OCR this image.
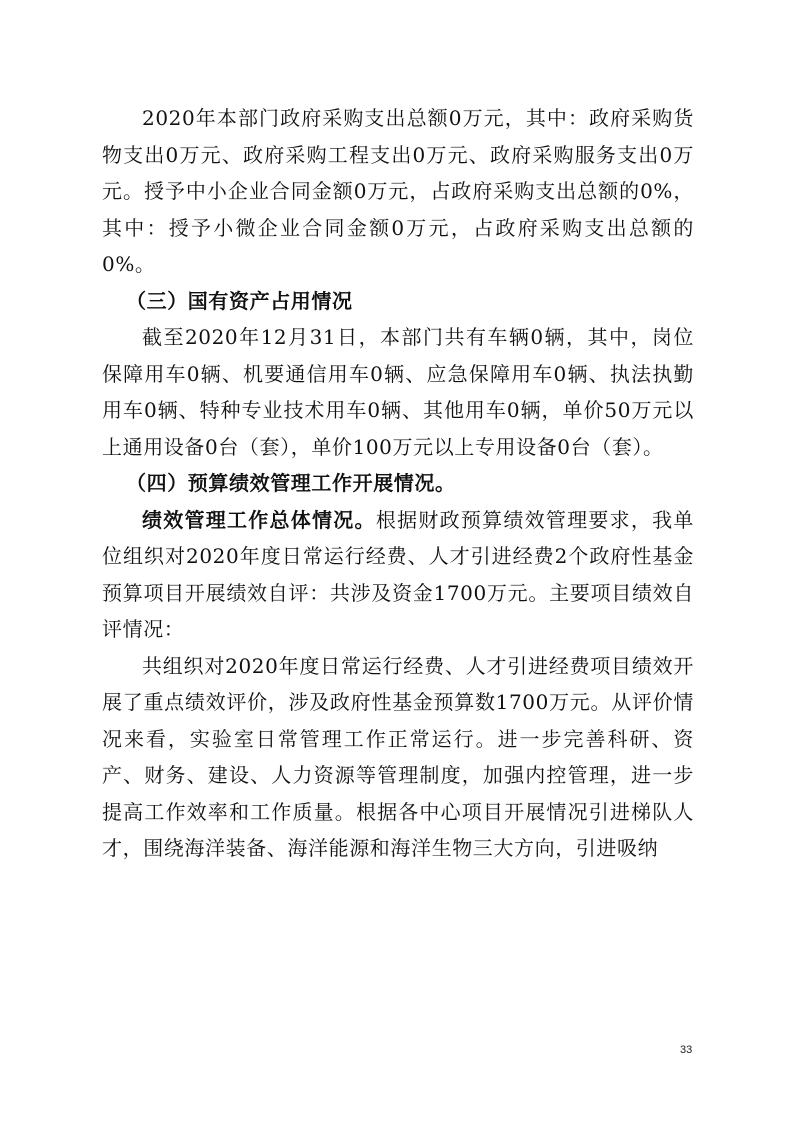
2020年本部门政府采购支出总额0万元，其中：政府采购货物支出0万元、政府采购工程支出0万元、政府采购服务支出0万元。授予中小企业合同金额0万元，占政府采购支出总额的0%，其中：授予小微企业合同金额0万元，占政府采购支出总额的0%。

（三）国有资产占用情况

截至2020年12月31日，本部门共有车辆0辆，其中，岗位保障用车0辆、机要通信用车0辆、应急保障用车0辆、执法执勤用车0辆、特种专业技术用车0辆、其他用车0辆，单价50万元以上通用设备0台（套），单价100万元以上专用设备0台（套）。

（四）预算绩效管理工作开展情况。

绩效管理工作总体情况。根据财政预算绩效管理要求，我单位组织对2020年度日常运行经费、人才引进经费2个政府性基金预算项目开展绩效自评：共涉及资金1700万元。主要项目绩效自评情况：

共组织对2020年度日常运行经费、人才引进经费项目绩效开展了重点绩效评价，涉及政府性基金预算数1700万元。从评价情况来看，实验室日常管理工作正常运行。进一步完善科研、资产、财务、建设、人力资源等管理制度，加强内控管理，进一步提高工作效率和工作质量。根据各中心项目开展情况引进梯队人才，围绕海洋装备、海洋能源和海洋生物三大方向，引进吸纳

33
